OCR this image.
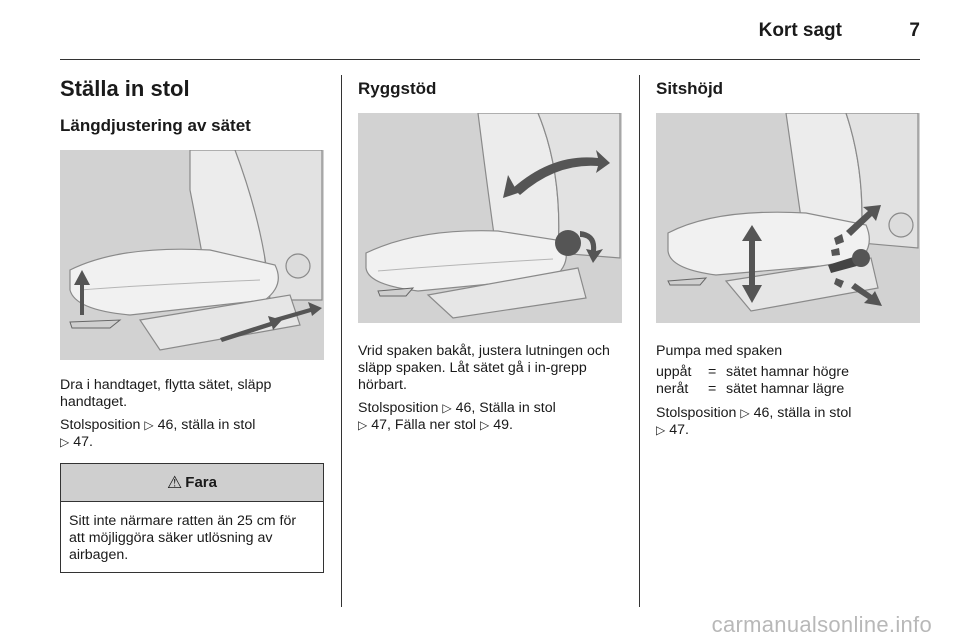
Kort sagt	7
Ställa in stol
Längdjustering av sätet

Dra i handtaget, flytta sätet, släpp handtaget.

Stolsposition ▷ 46, ställa in stol
▷ 47.

⚠ Fara
Sitt inte närmare ratten än 25 cm för att möjliggöra säker utlösning av airbagen.
Ryggstöd

Vrid spaken bakåt, justera lutningen och släpp spaken. Låt sätet gå i in-grepp hörbart.

Stolsposition ▷ 46, Ställa in stol
▷ 47, Fälla ner stol ▷ 49.

Sitshöjd

Pumpa med spaken

uppåt	= sätet hamnar högre
neråt	= sätet hamnar lägre

Stolsposition ▷ 46, ställa in stol
▷ 47.

carmanualsonline.info
